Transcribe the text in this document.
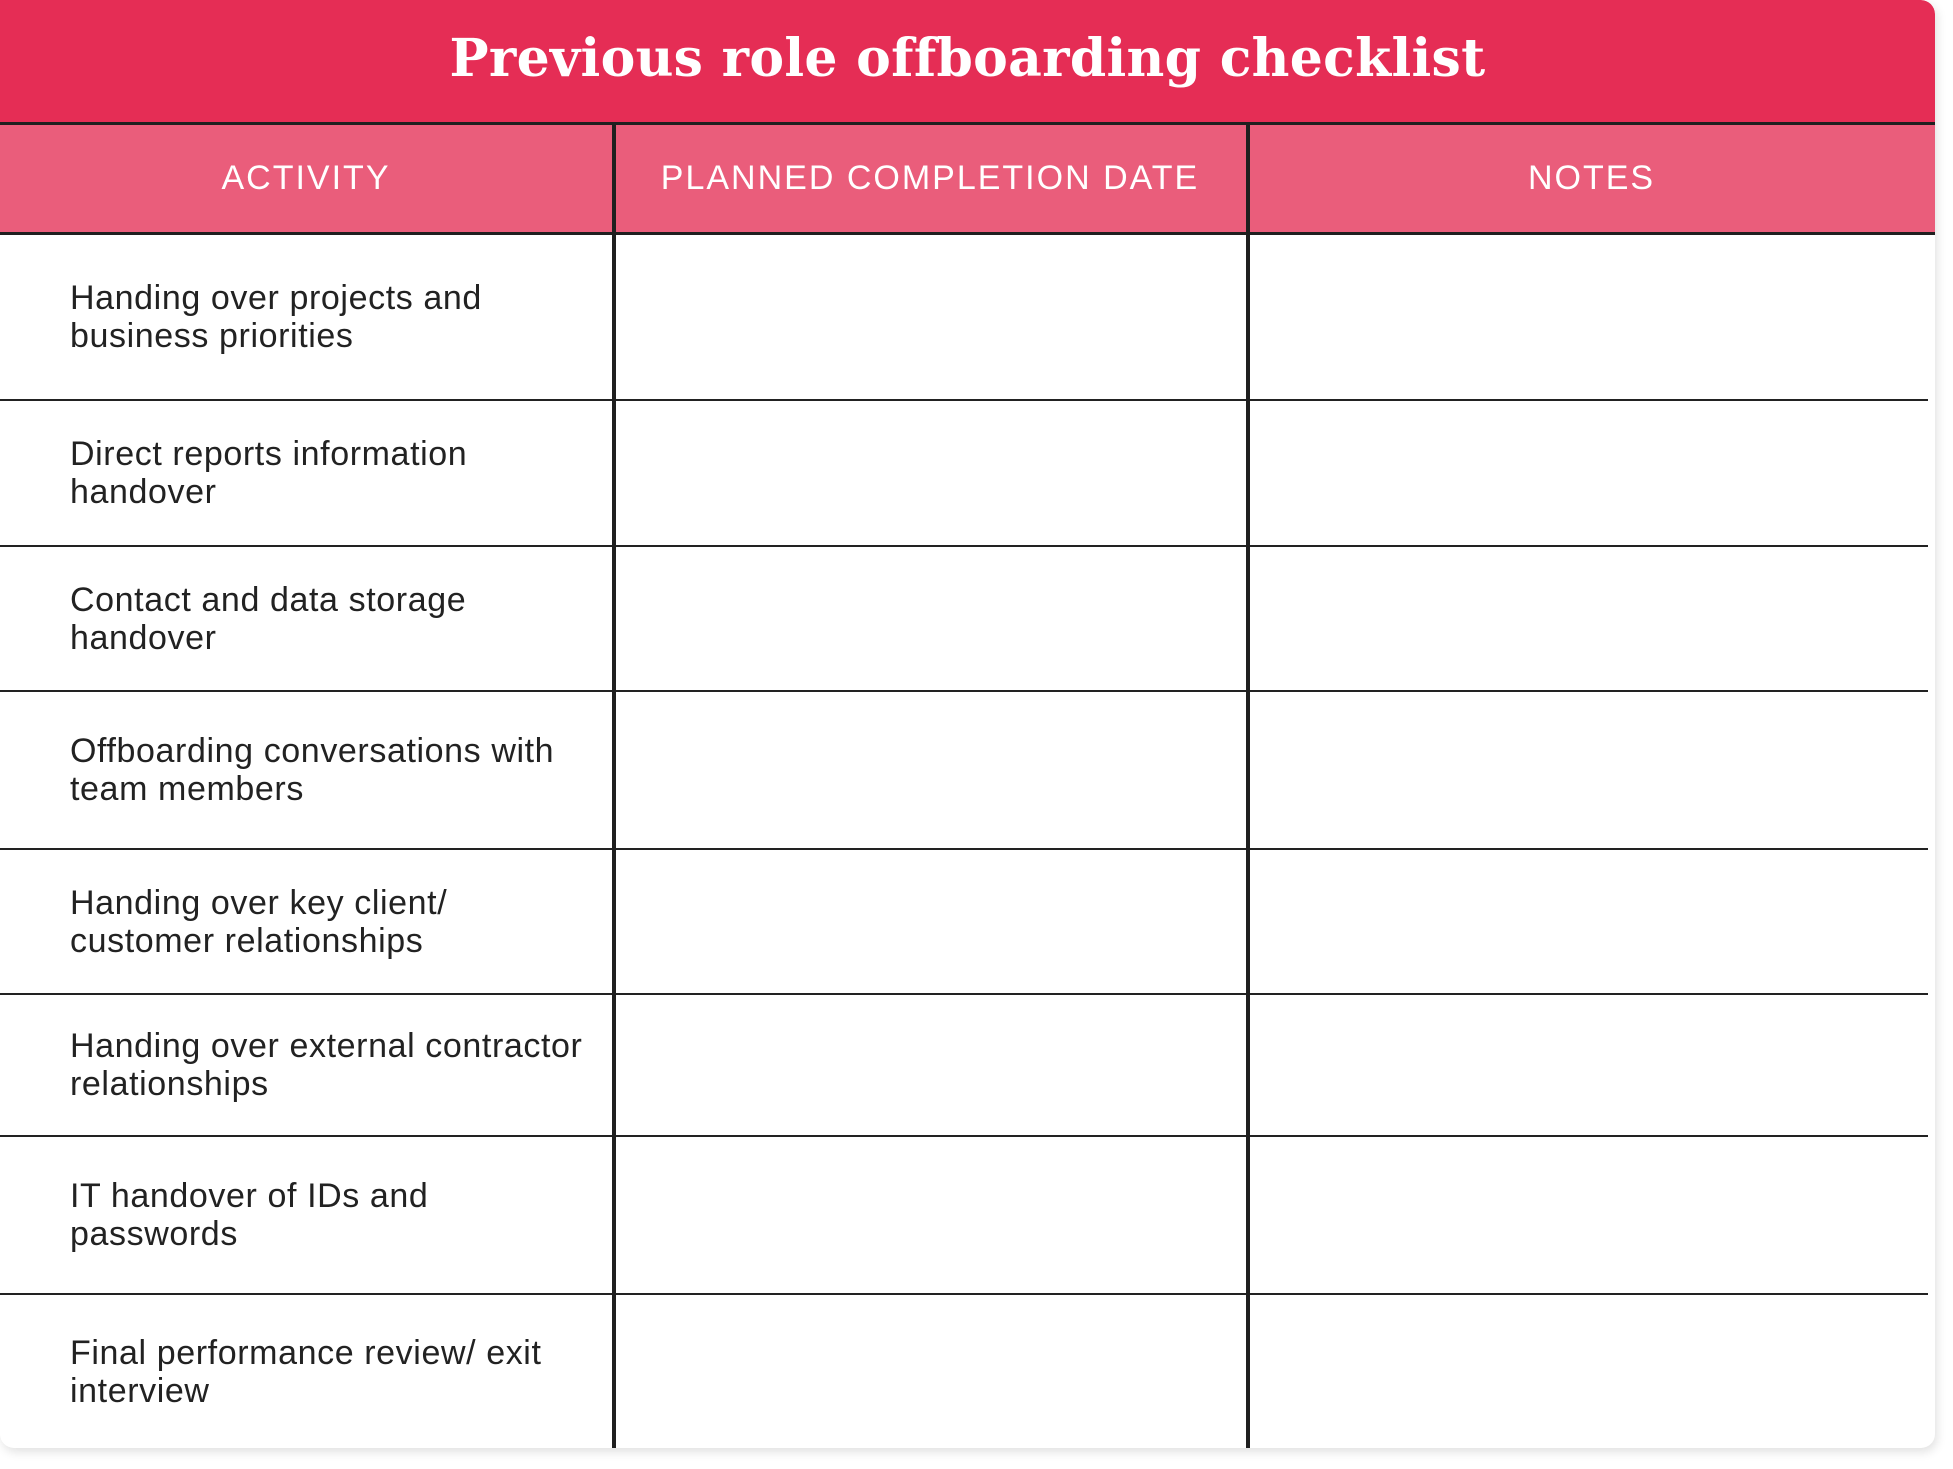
Previous role offboarding checklist
ACTIVITY	PLANNED COMPLETION DATE	NOTES
Handing over projects and business priorities
Direct reports information handover
Contact and data storage handover
Offboarding conversations with team members
Handing over key client/ customer relationships
Handing over external contractor relationships
IT handover of IDs and passwords
Final performance review/ exit interview
